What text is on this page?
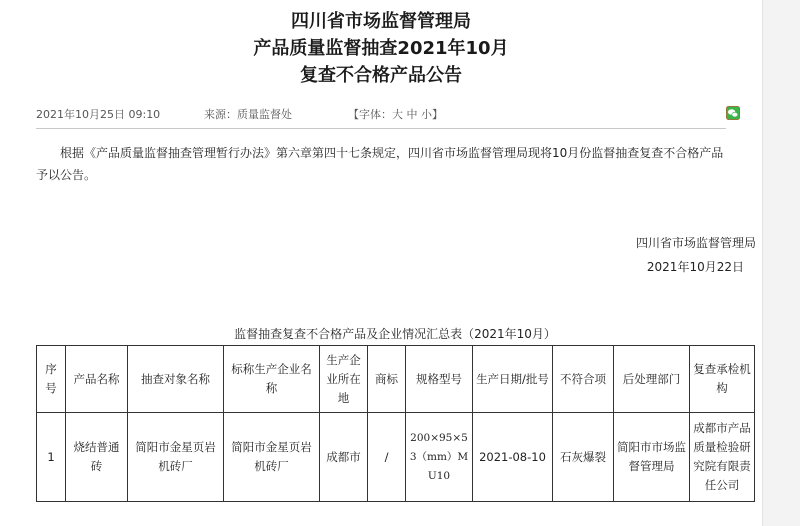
四川省市场监督管理局
产品质量监督抽查2021年10月
复查不合格产品公告
2021年10月25日 09:10	来源：质量监督处	【字体：大 中 小】
根据《产品质量监督抽查管理暂行办法》第六章第四十七条规定，四川省市场监督管理局现将10月份监督抽查复查不合格产品予以公告。
四川省市场监督管理局
2021年10月22日
监督抽查复查不合格产品及企业情况汇总表（2021年10月）
序号	产品名称	抽查对象名称	标称生产企业名称	生产企业所在地	商标	规格型号	生产日期/批号	不符合项	后处理部门	复查承检机构
1	烧结普通砖	简阳市金星页岩机砖厂	简阳市金星页岩机砖厂	成都市	/	200×95×53（mm）MU10	2021-08-10	石灰爆裂	简阳市市场监督管理局	成都市产品质量检验研究院有限责任公司
